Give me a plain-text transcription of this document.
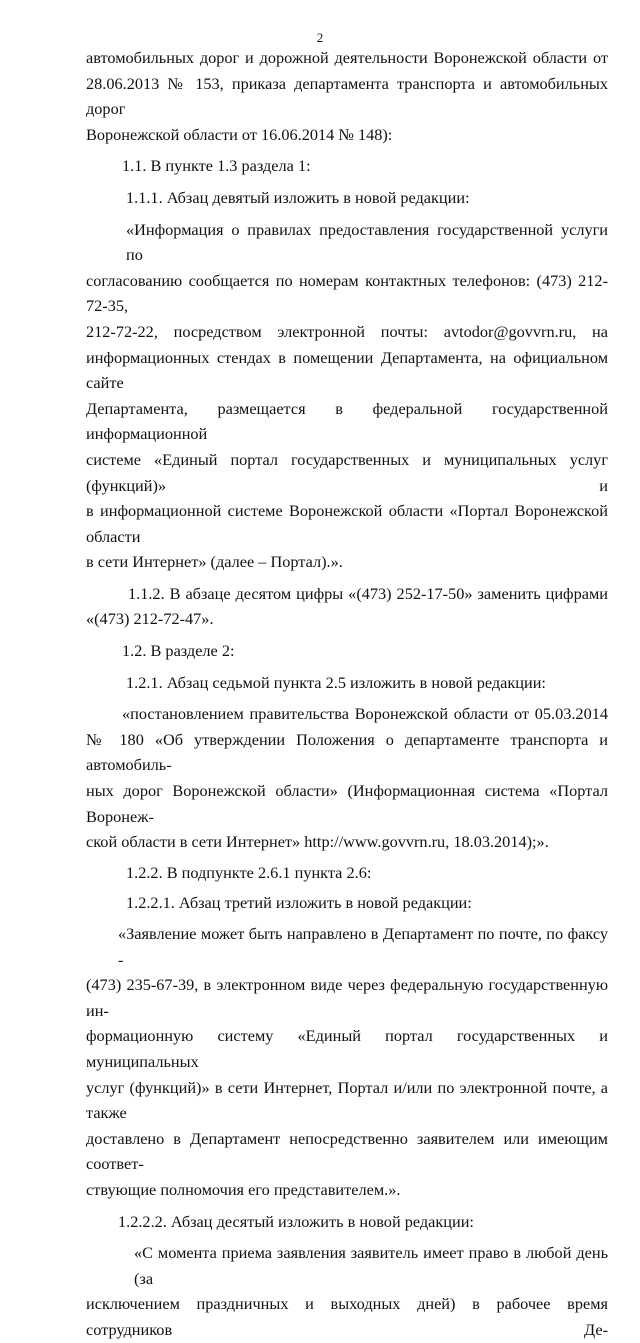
2
автомобильных дорог и дорожной деятельности Воронежской области от
28.06.2013 № 153, приказа департамента транспорта и автомобильных дорог
Воронежской области от 16.06.2014 № 148):
1.1. В пункте 1.3 раздела 1:
1.1.1. Абзац девятый изложить в новой редакции:
«Информация о правилах предоставления государственной услуги по
согласованию сообщается по номерам контактных телефонов: (473) 212-72-35,
212-72-22, посредством электронной почты: avtodor@govvrn.ru, на
информационных стендах в помещении Департамента, на официальном сайте
Департамента, размещается в федеральной государственной информационной
системе «Единый портал государственных и муниципальных услуг (функций)» и
в информационной системе Воронежской области «Портал Воронежской области
в сети Интернет» (далее – Портал).».
1.1.2. В абзаце десятом цифры «(473) 252-17-50» заменить цифрами
«(473) 212-72-47».
1.2. В разделе 2:
1.2.1. Абзац седьмой пункта 2.5 изложить в новой редакции:
«постановлением правительства Воронежской области от 05.03.2014
№ 180 «Об утверждении Положения о департаменте транспорта и автомобиль-
ных дорог Воронежской области» (Информационная система «Портал Воронеж-
ской области в сети Интернет» http://www.govvrn.ru, 18.03.2014);».
1.2.2. В подпункте 2.6.1 пункта 2.6:
1.2.2.1. Абзац третий изложить в новой редакции:
«Заявление может быть направлено в Департамент по почте, по факсу -
(473) 235-67-39, в электронном виде через федеральную государственную ин-
формационную систему «Единый портал государственных и муниципальных
услуг (функций)» в сети Интернет, Портал и/или по электронной почте, а также
доставлено в Департамент непосредственно заявителем или имеющим соответ-
ствующие полномочия его представителем.».
1.2.2.2. Абзац десятый изложить в новой редакции:
«С момента приема заявления заявитель имеет право в любой день (за
исключением праздничных и выходных дней) в рабочее время сотрудников Де-
